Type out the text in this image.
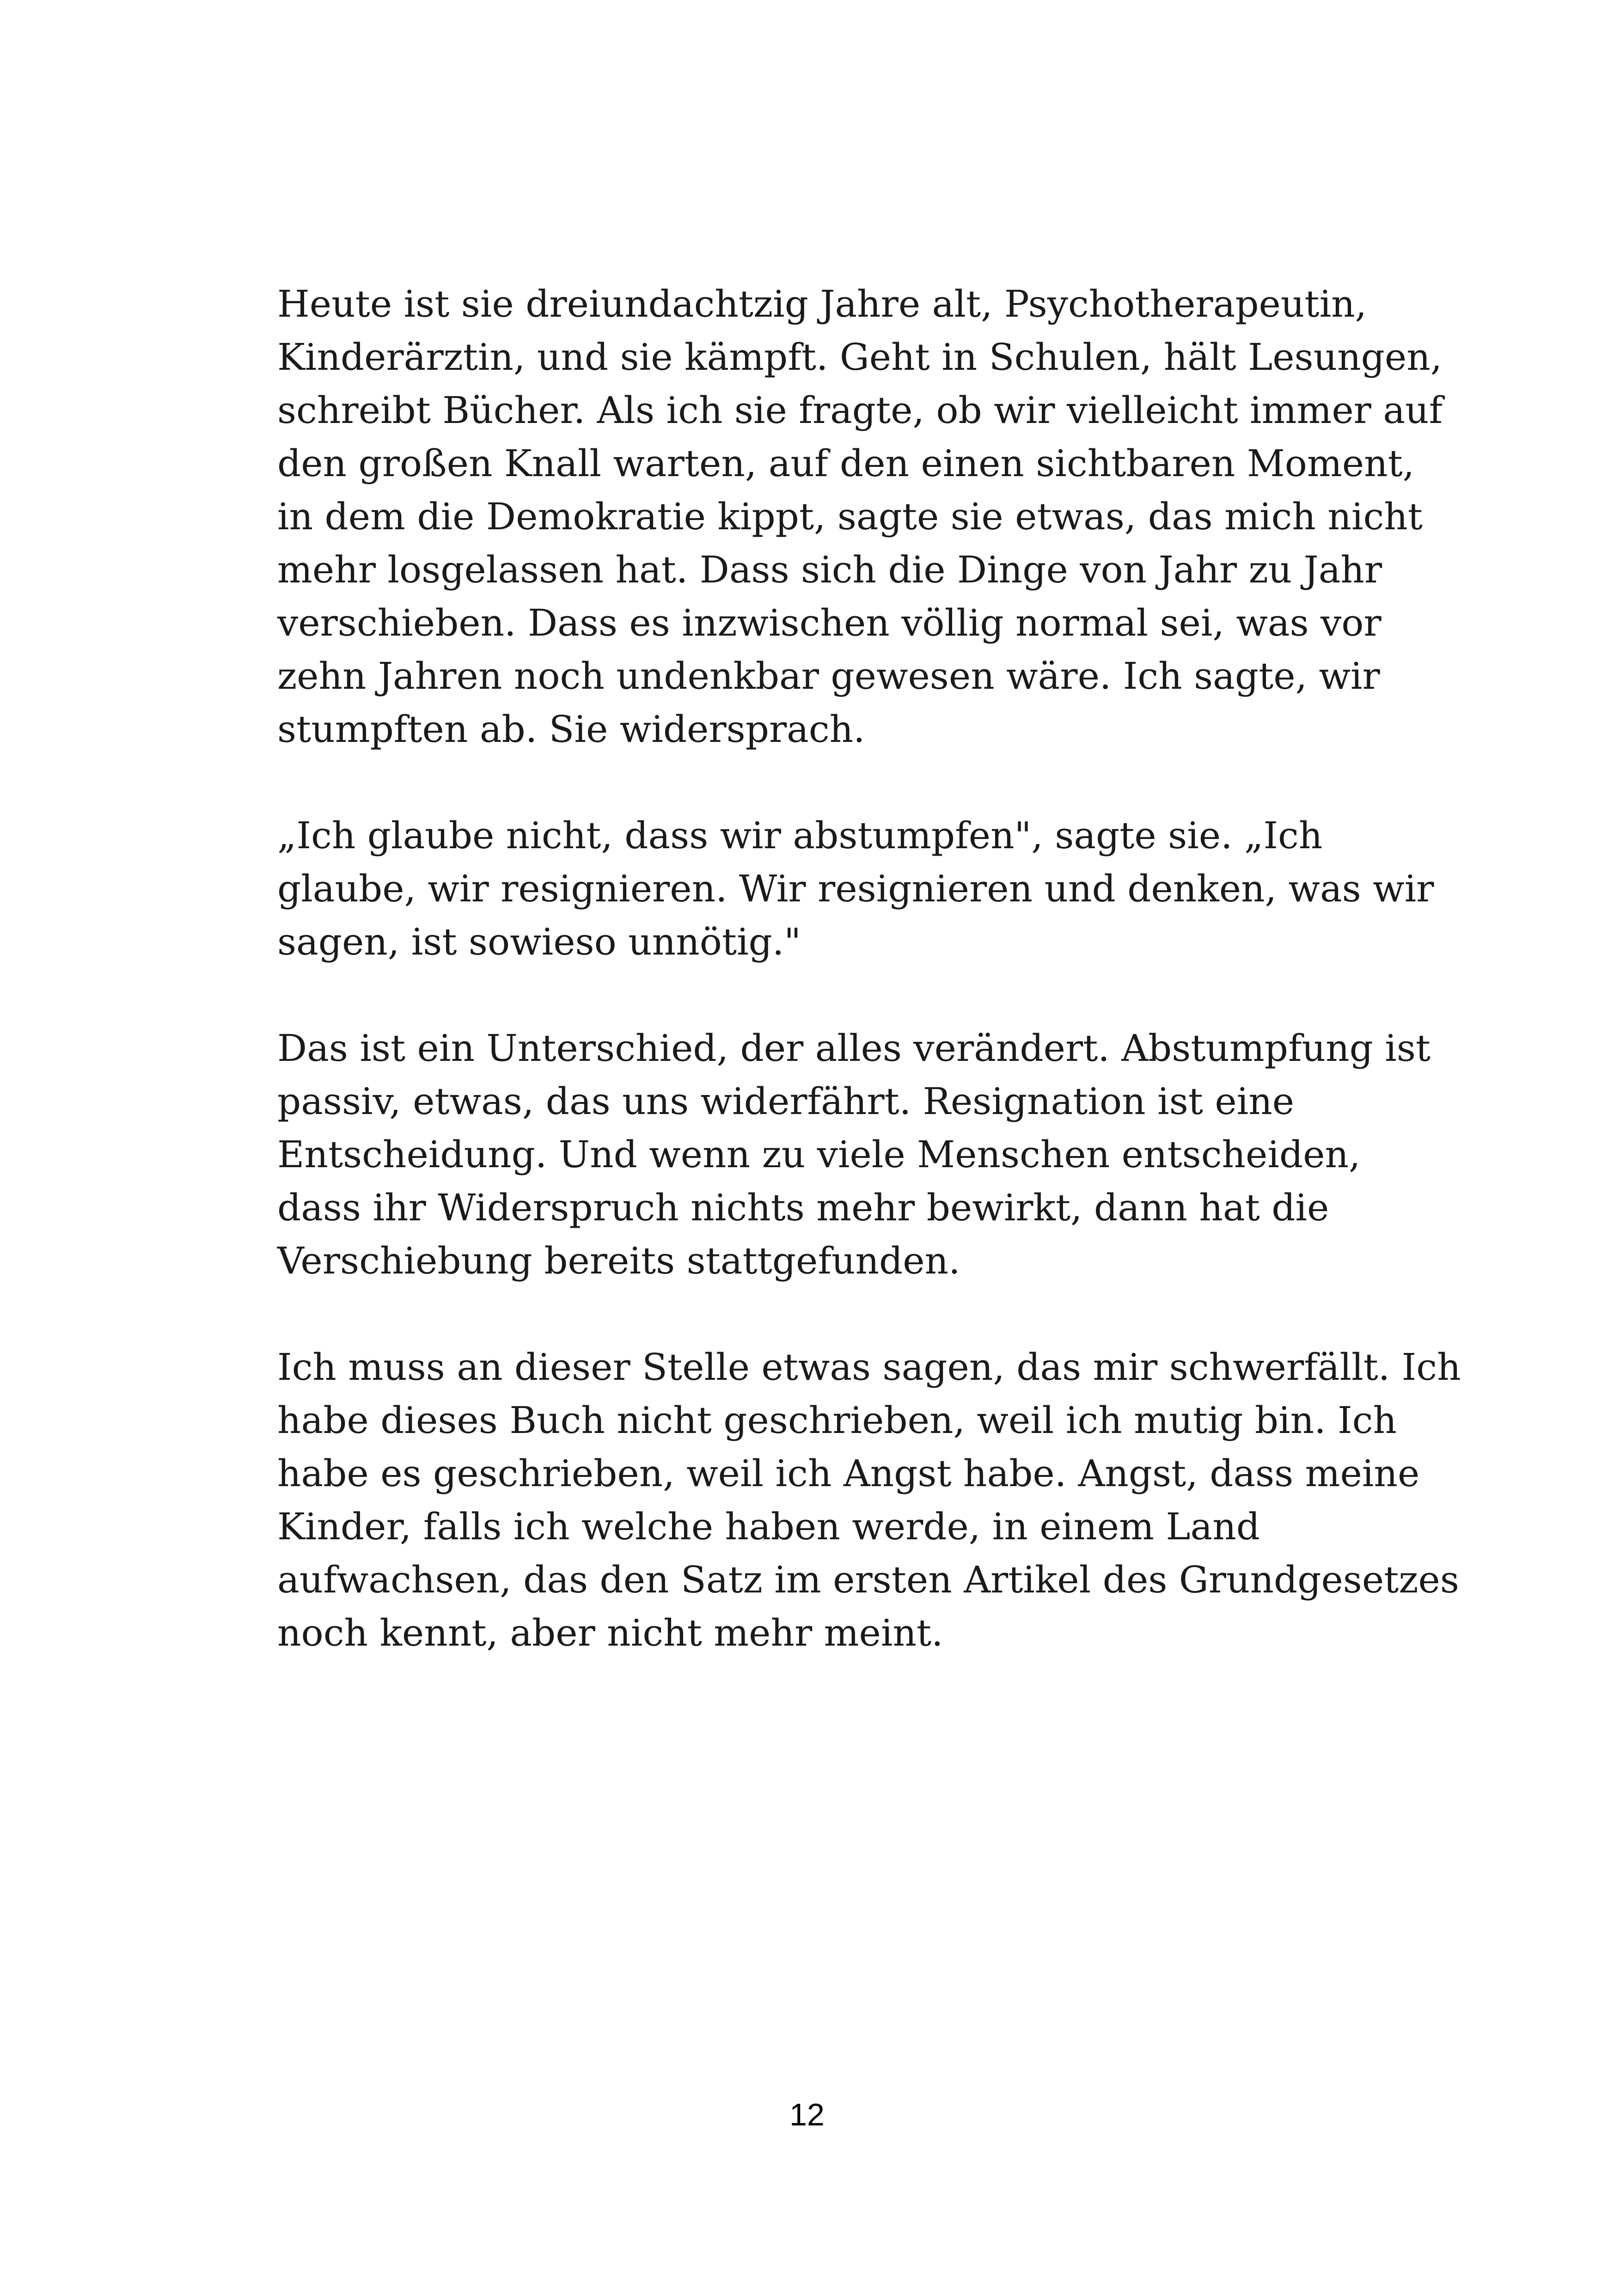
Heute ist sie dreiundachtzig Jahre alt, Psychotherapeutin,
Kinderärztin, und sie kämpft. Geht in Schulen, hält Lesungen,
schreibt Bücher. Als ich sie fragte, ob wir vielleicht immer auf
den großen Knall warten, auf den einen sichtbaren Moment,
in dem die Demokratie kippt, sagte sie etwas, das mich nicht
mehr losgelassen hat. Dass sich die Dinge von Jahr zu Jahr
verschieben. Dass es inzwischen völlig normal sei, was vor
zehn Jahren noch undenkbar gewesen wäre. Ich sagte, wir
stumpften ab. Sie widersprach.

„Ich glaube nicht, dass wir abstumpfen", sagte sie. „Ich
glaube, wir resignieren. Wir resignieren und denken, was wir
sagen, ist sowieso unnötig."

Das ist ein Unterschied, der alles verändert. Abstumpfung ist
passiv, etwas, das uns widerfährt. Resignation ist eine
Entscheidung. Und wenn zu viele Menschen entscheiden,
dass ihr Widerspruch nichts mehr bewirkt, dann hat die
Verschiebung bereits stattgefunden.

Ich muss an dieser Stelle etwas sagen, das mir schwerfällt. Ich
habe dieses Buch nicht geschrieben, weil ich mutig bin. Ich
habe es geschrieben, weil ich Angst habe. Angst, dass meine
Kinder, falls ich welche haben werde, in einem Land
aufwachsen, das den Satz im ersten Artikel des Grundgesetzes
noch kennt, aber nicht mehr meint.

12
